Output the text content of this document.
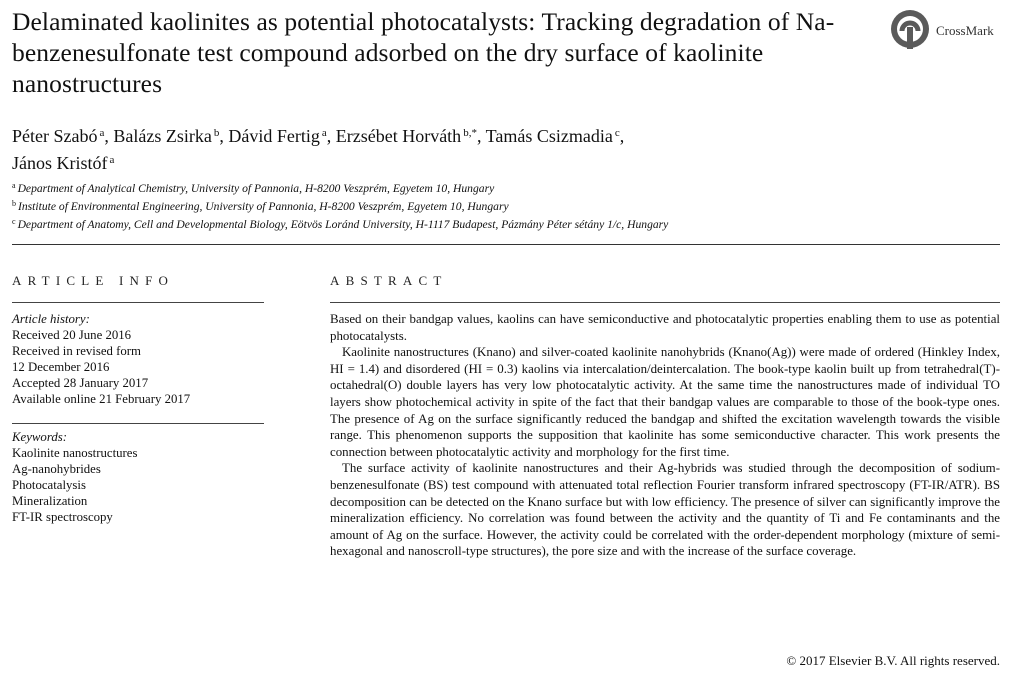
Delaminated kaolinites as potential photocatalysts: Tracking degradation of Na-benzenesulfonate test compound adsorbed on the dry surface of kaolinite nanostructures
CrossMark
Péter Szabó $^a$, Balázs Zsirka $^b$, Dávid Fertig $^a$, Erzsébet Horváth $^{b,*}$, Tamás Csizmadia $^c$,
János Kristóf $^a$
$^a$ Department of Analytical Chemistry, University of Pannonia, H-8200 Veszprém, Egyetem 10, Hungary
$^b$ Institute of Environmental Engineering, University of Pannonia, H-8200 Veszprém, Egyetem 10, Hungary
$^c$ Department of Anatomy, Cell and Developmental Biology, Eötvös Loránd University, H-1117 Budapest, Pázmány Péter sétány 1/c, Hungary
ARTICLE INFO	ABSTRACT
Article history:
Received 20 June 2016
Received in revised form
12 December 2016
Accepted 28 January 2017
Available online 21 February 2017
Keywords:
Kaolinite nanostructures
Ag-nanohybrides
Photocatalysis
Mineralization
FT-IR spectroscopy

Based on their bandgap values, kaolins can have semiconductive and photocatalytic properties enabling them to use as potential photocatalysts.

Kaolinite nanostructures (Knano) and silver-coated kaolinite nanohybrids (Knano(Ag)) were made of ordered (Hinkley Index, HI = 1.4) and disordered (HI = 0.3) kaolins via intercalation/deintercalation. The book-type kaolin built up from tetrahedral(T)-octahedral(O) double layers has very low photocatalytic activity. At the same time the nanostructures made of individual TO layers show photochemical activity in spite of the fact that their bandgap values are comparable to those of the book-type ones. The presence of Ag on the surface significantly reduced the bandgap and shifted the excitation wavelength towards the visible range. This phenomenon supports the supposition that kaolinite has some semiconductive character. This work presents the connection between photocatalytic activity and morphology for the first time.

The surface activity of kaolinite nanostructures and their Ag-hybrids was studied through the decomposition of sodium-benzenesulfonate (BS) test compound with attenuated total reflection Fourier transform infrared spectroscopy (FT-IR/ATR). BS decomposition can be detected on the Knano surface but with low efficiency. The presence of silver can significantly improve the mineralization efficiency. No correlation was found between the activity and the quantity of Ti and Fe contaminants and the amount of Ag on the surface. However, the activity could be correlated with the order-dependent morphology (mixture of semi-hexagonal and nanoscroll-type structures), the pore size and with the increase of the surface coverage.

© 2017 Elsevier B.V. All rights reserved.
